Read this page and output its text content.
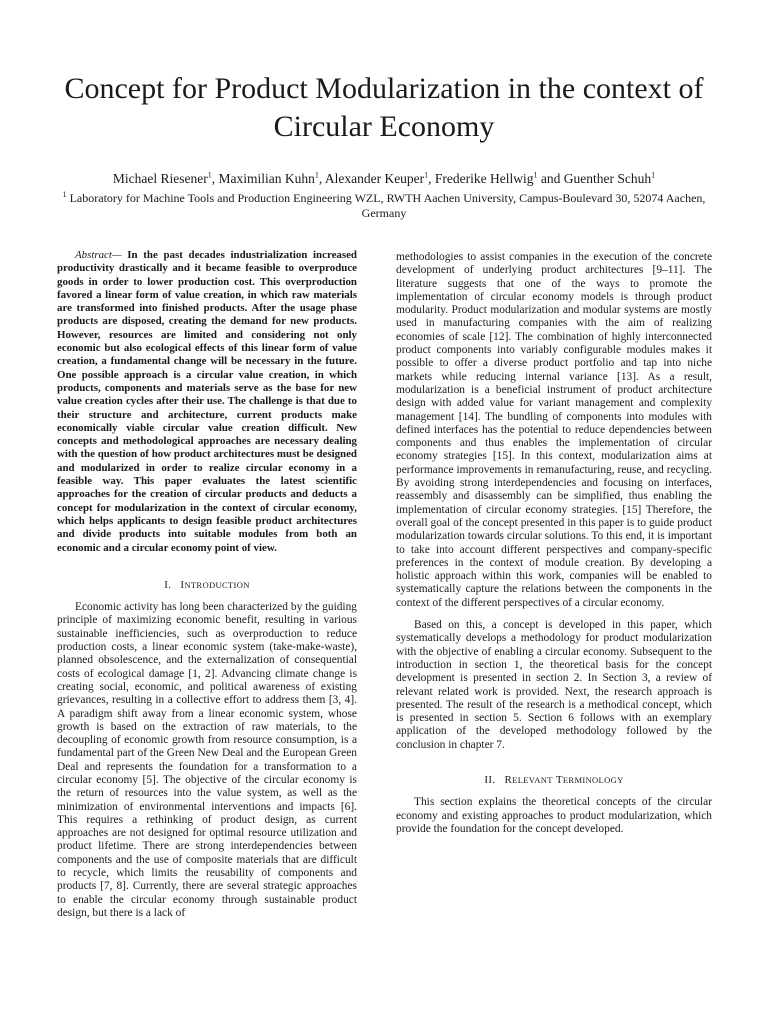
Concept for Product Modularization in the context of Circular Economy
Michael Riesener$^1$, Maximilian Kuhn$^1$, Alexander Keuper$^1$, Frederike Hellwig$^1$ and Guenther Schuh$^1$
$^1$ Laboratory for Machine Tools and Production Engineering WZL, RWTH Aachen University, Campus-Boulevard 30, 52074 Aachen, Germany

Abstract— In the past decades industrialization increased productivity drastically and it became feasible to overproduce goods in order to lower production cost. This overproduction favored a linear form of value creation, in which raw materials are transformed into finished products. After the usage phase products are disposed, creating the demand for new products. However, resources are limited and considering not only economic but also ecological effects of this linear form of value creation, a fundamental change will be necessary in the future. One possible approach is a circular value creation, in which products, components and materials serve as the base for new value creation cycles after their use. The challenge is that due to their structure and architecture, current products make economically viable circular value creation difficult. New concepts and methodological approaches are necessary dealing with the question of how product architectures must be designed and modularized in order to realize circular economy in a feasible way. This paper evaluates the latest scientific approaches for the creation of circular products and deducts a concept for modularization in the context of circular economy, which helps applicants to design feasible product architectures and divide products into suitable modules from both an economic and a circular economy point of view.

I. INTRODUCTION

Economic activity has long been characterized by the guiding principle of maximizing economic benefit, resulting in various sustainable inefficiencies, such as overproduction to reduce production costs, a linear economic system (take-make-waste), planned obsolescence, and the externalization of consequential costs of ecological damage [1, 2]. Advancing climate change is creating social, economic, and political awareness of existing grievances, resulting in a collective effort to address them [3, 4]. A paradigm shift away from a linear economic system, whose growth is based on the extraction of raw materials, to the decoupling of economic growth from resource consumption, is a fundamental part of the Green New Deal and the European Green Deal and represents the foundation for a transformation to a circular economy [5]. The objective of the circular economy is the return of resources into the value system, as well as the minimization of environmental interventions and impacts [6]. This requires a rethinking of product design, as current approaches are not designed for optimal resource utilization and product lifetime. There are strong interdependencies between components and the use of composite materials that are difficult to recycle, which limits the reusability of components and products [7, 8]. Currently, there are several strategic approaches to enable the circular economy through sustainable product design, but there is a lack of

methodologies to assist companies in the execution of the concrete development of underlying product architectures [9–11]. The literature suggests that one of the ways to promote the implementation of circular economy models is through product modularity. Product modularization and modular systems are mostly used in manufacturing companies with the aim of realizing economies of scale [12]. The combination of highly interconnected product components into variably configurable modules makes it possible to offer a diverse product portfolio and tap into niche markets while reducing internal variance [13]. As a result, modularization is a beneficial instrument of product architecture design with added value for variant management and complexity management [14]. The bundling of components into modules with defined interfaces has the potential to reduce dependencies between components and thus enables the implementation of circular economy strategies [15]. In this context, modularization aims at performance improvements in remanufacturing, reuse, and recycling. By avoiding strong interdependencies and focusing on interfaces, reassembly and disassembly can be simplified, thus enabling the implementation of circular economy strategies. [15] Therefore, the overall goal of the concept presented in this paper is to guide product modularization towards circular solutions. To this end, it is important to take into account different perspectives and company-specific preferences in the context of module creation. By developing a holistic approach within this work, companies will be enabled to systematically capture the relations between the components in the context of the different perspectives of a circular economy.

Based on this, a concept is developed in this paper, which systematically develops a methodology for product modularization with the objective of enabling a circular economy. Subsequent to the introduction in section 1, the theoretical basis for the concept development is presented in section 2. In Section 3, a review of relevant related work is provided. Next, the research approach is presented. The result of the research is a methodical concept, which is presented in section 5. Section 6 follows with an exemplary application of the developed methodology followed by the conclusion in chapter 7.

II. RELEVANT TERMINOLOGY

This section explains the theoretical concepts of the circular economy and existing approaches to product modularization, which provide the foundation for the concept developed.
